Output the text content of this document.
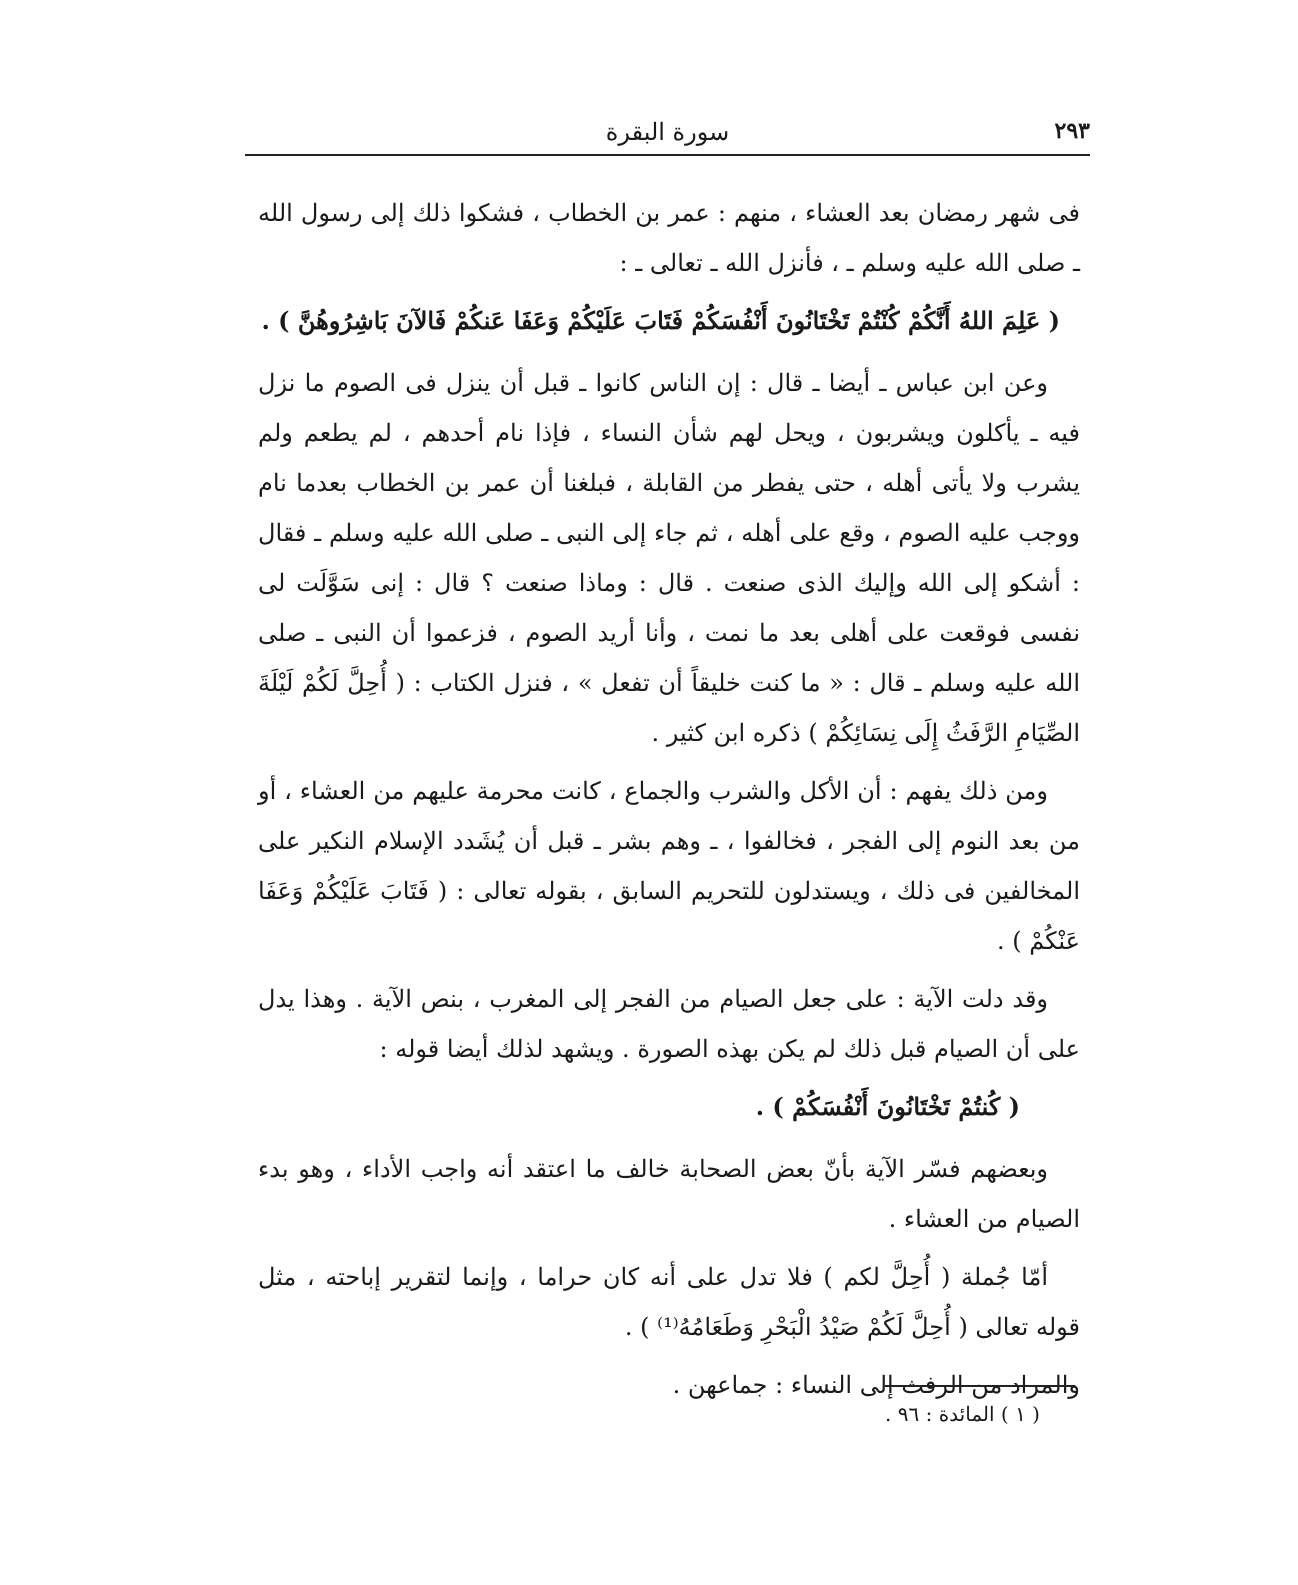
٢٩٣
سورة البقرة

فى شهر رمضان بعد العشاء ، منهم : عمر بن الخطاب ، فشكوا ذلك إلى رسول الله ـ صلى الله عليه وسلم ـ ، فأنزل الله ـ تعالى ـ :

( عَلِمَ اللهُ أَنَّكُمْ كُنْتُمْ تَخْتَانُونَ أَنْفُسَكُمْ فَتَابَ عَلَيْكُمْ وَعَفَا عَنكُمْ فَالآنَ بَاشِرُوهُنَّ ) .

وعن ابن عباس ـ أيضا ـ قال : إن الناس كانوا ـ قبل أن ينزل فى الصوم ما نزل فيه ـ يأكلون ويشربون ، ويحل لهم شأن النساء ، فإذا نام أحدهم ، لم يطعم ولم يشرب ولا يأتى أهله ، حتى يفطر من القابلة ، فبلغنا أن عمر بن الخطاب بعدما نام ووجب عليه الصوم ، وقع على أهله ، ثم جاء إلى النبى ـ صلى الله عليه وسلم ـ فقال : أشكو إلى الله وإليك الذى صنعت . قال : وماذا صنعت ؟ قال : إنى سَوَّلَت لى نفسى فوقعت على أهلى بعد ما نمت ، وأنا أريد الصوم ، فزعموا أن النبى ـ صلى الله عليه وسلم ـ قال : « ما كنت خليقاً أن تفعل » ، فنزل الكتاب : ( أُحِلَّ لَكُمْ لَيْلَةَ الصِّيَامِ الرَّفَثُ إِلَى نِسَائِكُمْ ) ذكره ابن كثير .

ومن ذلك يفهم : أن الأكل والشرب والجماع ، كانت محرمة عليهم من العشاء ، أو من بعد النوم إلى الفجر ، فخالفوا ، ـ وهم بشر ـ قبل أن يُشَدد الإسلام النكير على المخالفين فى ذلك ، ويستدلون للتحريم السابق ، بقوله تعالى : ( فَتَابَ عَلَيْكُمْ وَعَفَا عَنْكُمْ ) .

وقد دلت الآية : على جعل الصيام من الفجر إلى المغرب ، بنص الآية . وهذا يدل على أن الصيام قبل ذلك لم يكن بهذه الصورة . ويشهد لذلك أيضا قوله :

( كُنتُمْ تَخْتَانُونَ أَنْفُسَكُمْ ) .

وبعضهم فسّر الآية بأنّ بعض الصحابة خالف ما اعتقد أنه واجب الأداء ، وهو بدء الصيام من العشاء .

أمّا جُملة ( أُحِلَّ لكم ) فلا تدل على أنه كان حراما ، وإنما لتقرير إباحته ، مثل قوله تعالى ( أُحِلَّ لَكُمْ صَيْدُ الْبَحْرِ وَطَعَامُهُ⁽¹⁾ ) .

والمراد من الرفث إلى النساء : جماعهن .

( ١ ) المائدة : ٩٦ .
